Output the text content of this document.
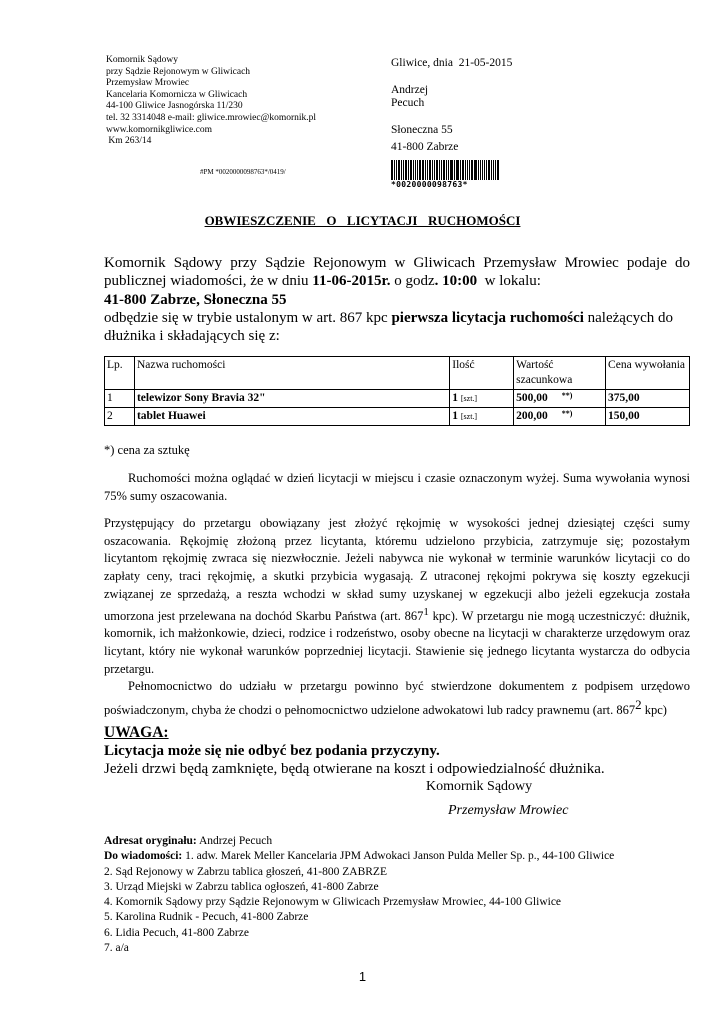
Komornik Sądowy
przy Sądzie Rejonowym w Gliwicach
Przemysław Mrowiec
Kancelaria Komornicza w Gliwicach
44-100 Gliwice Jasnogórska 11/230
tel. 32 3314048 e-mail: gliwice.mrowiec@komornik.pl
www.komornikgliwice.com
Km 263/14
Gliwice, dnia  21-05-2015
Andrzej
Pecuch
Słoneczna 55
41-800 Zabrze
#PM *0020000098763*/0419/
*0020000098763*
OBWIESZCZENIE  O  LICYTACJI  RUCHOMOŚCI

Komornik Sądowy przy Sądzie Rejonowym w Gliwicach Przemysław Mrowiec podaje do publicznej wiadomości, że w dniu 11-06-2015r. o godz. 10:00  w lokalu:

41-800 Zabrze, Słoneczna 55

odbędzie się w trybie ustalonym w art. 867 kpc pierwsza licytacja ruchomości należących do dłużnika i składających się z:

Lp.	Nazwa ruchomości	Ilość	Wartość szacunkowa	Cena wywołania
1	telewizor Sony Bravia 32"	1 [szt.]	500,00 **)	375,00
2	tablet Huawei	1 [szt.]	200,00 **)	150,00
*) cena za sztukę

Ruchomości można oglądać w dzień licytacji w miejscu i czasie oznaczonym wyżej. Suma wywołania wynosi 75% sumy oszacowania.

Przystępujący do przetargu obowiązany jest złożyć rękojmię w wysokości jednej dziesiątej części sumy oszacowania. Rękojmię złożoną przez licytanta, któremu udzielono przybicia, zatrzymuje się; pozostałym licytantom rękojmię zwraca się niezwłocznie. Jeżeli nabywca nie wykonał w terminie warunków licytacji co do zapłaty ceny, traci rękojmię, a skutki przybicia wygasają. Z utraconej rękojmi pokrywa się koszty egzekucji związanej ze sprzedażą, a reszta wchodzi w skład sumy uzyskanej w egzekucji albo jeżeli egzekucja została umorzona jest przelewana na dochód Skarbu Państwa (art. $867^1$ kpc). W przetargu nie mogą uczestniczyć: dłużnik, komornik, ich małżonkowie, dzieci, rodzice i rodzeństwo, osoby obecne na licytacji w charakterze urzędowym oraz licytant, który nie wykonał warunków poprzedniej licytacji. Stawienie się jednego licytanta wystarcza do odbycia przetargu.

Pełnomocnictwo do udziału w przetargu powinno być stwierdzone dokumentem z podpisem urzędowo poświadczonym, chyba że chodzi o pełnomocnictwo udzielone adwokatowi lub radcy prawnemu (art. $867^2$ kpc)

UWAGA:
Licytacja może się nie odbyć bez podania przyczyny.
Jeżeli drzwi będą zamknięte, będą otwierane na koszt i odpowiedzialność dłużnika.
Komornik Sądowy
Przemysław Mrowiec
Adresat oryginału: Andrzej Pecuch
Do wiadomości: 1. adw. Marek Meller Kancelaria JPM Adwokaci Janson Pulda Meller Sp. p., 44-100 Gliwice
2. Sąd Rejonowy w Zabrzu tablica głoszeń, 41-800 ZABRZE
3. Urząd Miejski w Zabrzu tablica ogłoszeń, 41-800 Zabrze
4. Komornik Sądowy przy Sądzie Rejonowym w Gliwicach Przemysław Mrowiec, 44-100 Gliwice
5. Karolina Rudnik - Pecuch, 41-800 Zabrze
6. Lidia Pecuch, 41-800 Zabrze
7. a/a
1
